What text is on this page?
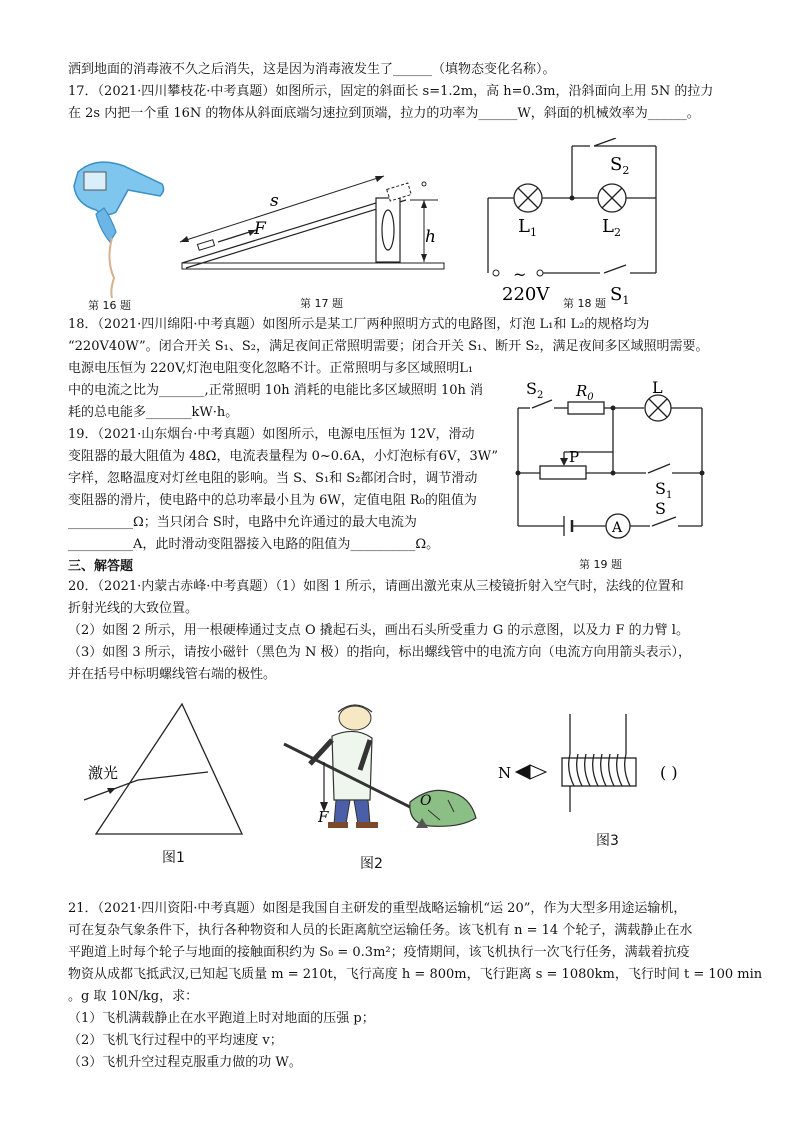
洒到地面的消毒液不久之后消失，这是因为消毒液发生了______（填物态变化名称）。
17．（2021·四川攀枝花·中考真题）如图所示，固定的斜面长 s=1.2m，高 h=0.3m，沿斜面向上用 5N 的拉力
在 2s 内把一个重 16N 的物体从斜面底端匀速拉到顶端，拉力的功率为______W，斜面的机械效率为______。
第 16 题
s
F	h
第 17 题
$S_2$
$L_1$	$L_2$
~
220V	$S_1$
第 18 题
18．（2021·四川绵阳·中考真题）如图所示是某工厂两种照明方式的电路图，灯泡 L₁和 L₂的规格均为
“220V40W”。闭合开关 S₁、S₂，满足夜间正常照明需要；闭合开关 S₁、断开 S₂，满足夜间多区域照明需要。
电源电压恒为 220V,灯泡电阻变化忽略不计。正常照明与多区域照明L₁
中的电流之比为_______,正常照明 10h 消耗的电能比多区域照明 10h 消
耗的总电能多_______kW·h。
19．（2021·山东烟台·中考真题）如图所示，电源电压恒为 12V，滑动
变阻器的最大阻值为 48Ω，电流表量程为 0~0.6A，小灯泡标有6V，3W”
字样，忽略温度对灯丝电阻的影响。当 S、S₁和 S₂都闭合时，调节滑动
变阻器的滑片，使电路中的总功率最小且为 6W，定值电阻 R₀的阻值为
__________Ω；当只闭合 S时，电路中允许通过的最大电流为
__________A，此时滑动变阻器接入电路的阻值为__________Ω。
$S_2$ $R_0$
L
P
$S_1$
A
S
第 19 题
三、解答题
20．（2021·内蒙古赤峰·中考真题）（1）如图 1 所示，请画出激光束从三棱镜折射入空气时，法线的位置和
折射光线的大致位置。
（2）如图 2 所示，用一根硬棒通过支点 O 撬起石头，画出石头所受重力 G 的示意图，以及力 F 的力臂 l。
（3）如图 3 所示，请按小磁针（黑色为 N 极）的指向，标出螺线管中的电流方向（电流方向用箭头表示），
并在括号中标明螺线管右端的极性。
激光
图1
F
O
图2
N	( )
图3
21．（2021·四川资阳·中考真题）如图是我国自主研发的重型战略运输机“运 20”，作为大型多用途运输机，
可在复杂气象条件下，执行各种物资和人员的长距离航空运输任务。该飞机有 n = 14 个轮子，满载静止在水
平跑道上时每个轮子与地面的接触面积约为 S₀ = 0.3m²；疫情期间，该飞机执行一次飞行任务，满载着抗疫
物资从成都飞抵武汉,已知起飞质量 m = 210t，飞行高度 h = 800m，飞行距离 s = 1080km，飞行时间 t = 100 min
。g 取 10N/kg，求：
（1）飞机满载静止在水平跑道上时对地面的压强 p；
（2）飞机飞行过程中的平均速度 v；
（3）飞机升空过程克服重力做的功 W。
